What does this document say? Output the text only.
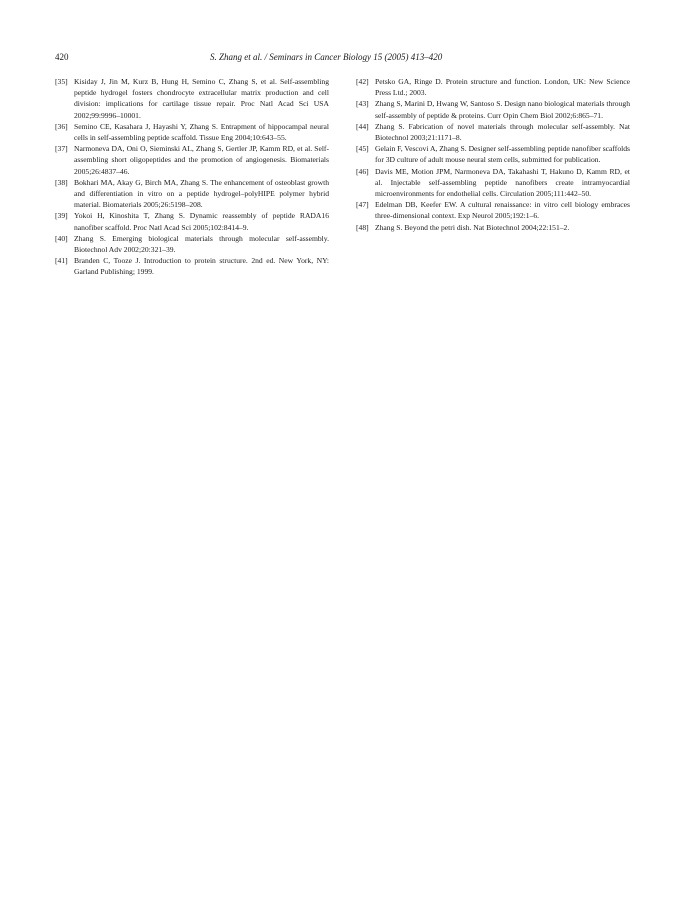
420	S. Zhang et al. / Seminars in Cancer Biology 15 (2005) 413–420
[35] Kisiday J, Jin M, Kurz B, Hung H, Semino C, Zhang S, et al. Self-assembling peptide hydrogel fosters chondrocyte extracellular matrix production and cell division: implications for cartilage tissue repair. Proc Natl Acad Sci USA 2002;99:9996–10001.
[36] Semino CE, Kasahara J, Hayashi Y, Zhang S. Entrapment of hippocampal neural cells in self-assembling peptide scaffold. Tissue Eng 2004;10:643–55.
[37] Narmoneva DA, Oni O, Sieminski AL, Zhang S, Gertler JP, Kamm RD, et al. Self-assembling short oligopeptides and the promotion of angiogenesis. Biomaterials 2005;26:4837–46.
[38] Bokhari MA, Akay G, Birch MA, Zhang S. The enhancement of osteoblast growth and differentiation in vitro on a peptide hydrogel–polyHIPE polymer hybrid material. Biomaterials 2005;26:5198–208.
[39] Yokoi H, Kinoshita T, Zhang S. Dynamic reassembly of peptide RADA16 nanofiber scaffold. Proc Natl Acad Sci 2005;102:8414–9.
[40] Zhang S. Emerging biological materials through molecular self-assembly. Biotechnol Adv 2002;20:321–39.
[41] Branden C, Tooze J. Introduction to protein structure. 2nd ed. New York, NY: Garland Publishing; 1999.
[42] Petsko GA, Ringe D. Protein structure and function. London, UK: New Science Press Ltd.; 2003.
[43] Zhang S, Marini D, Hwang W, Santoso S. Design nano biological materials through self-assembly of peptide & proteins. Curr Opin Chem Biol 2002;6:865–71.
[44] Zhang S. Fabrication of novel materials through molecular self-assembly. Nat Biotechnol 2003;21:1171–8.
[45] Gelain F, Vescovi A, Zhang S. Designer self-assembling peptide nanofiber scaffolds for 3D culture of adult mouse neural stem cells, submitted for publication.
[46] Davis ME, Motion JPM, Narmoneva DA, Takahashi T, Hakuno D, Kamm RD, et al. Injectable self-assembling peptide nanofibers create intramyocardial microenvironments for endothelial cells. Circulation 2005;111:442–50.
[47] Edelman DB, Keefer EW. A cultural renaissance: in vitro cell biology embraces three-dimensional context. Exp Neurol 2005;192:1–6.
[48] Zhang S. Beyond the petri dish. Nat Biotechnol 2004;22:151–2.
